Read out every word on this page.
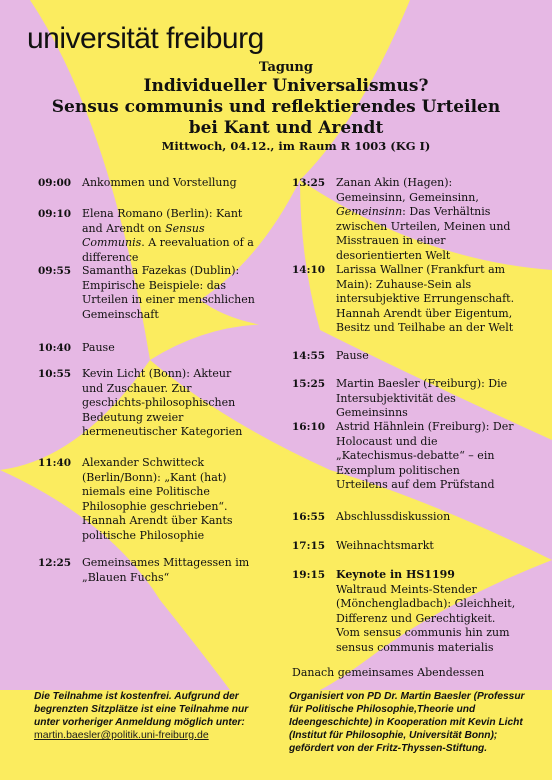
universität freiburg
Tagung
Individueller Universalismus?
Sensus communis und reflektierendes Urteilen
bei Kant und Arendt
Mittwoch, 04.12., im Raum R 1003 (KG I)
09:00 Ankommen und Vorstellung
09:10 Elena Romano (Berlin): Kant and Arendt on Sensus Communis. A reevaluation of a difference
09:55 Samantha Fazekas (Dublin): Empirische Beispiele: das Urteilen in einer menschlichen Gemeinschaft
10:40 Pause
10:55 Kevin Licht (Bonn): Akteur und Zuschauer. Zur geschichts-philosophischen Bedeutung zweier hermeneutischer Kategorien
11:40 Alexander Schwitteck (Berlin/Bonn): „Kant (hat) niemals eine Politische Philosophie geschrieben“. Hannah Arendt über Kants politische Philosophie
12:25 Gemeinsames Mittagessen im „Blauen Fuchs“
13:25 Zanan Akin (Hagen): Gemeinsinn, Gemeinsinn, Gemeinsinn: Das Verhältnis zwischen Urteilen, Meinen und Misstrauen in einer desorientierten Welt
14:10 Larissa Wallner (Frankfurt am Main): Zuhause-Sein als intersubjektive Errungenschaft. Hannah Arendt über Eigentum, Besitz und Teilhabe an der Welt
14:55 Pause
15:25 Martin Baesler (Freiburg): Die Intersubjektivität des Gemeinsinns
16:10 Astrid Hähnlein (Freiburg): Der Holocaust und die „Katechismus-debatte“ – ein Exemplum politischen Urteilens auf dem Prüfstand
16:55 Abschlussdiskussion
17:15 Weihnachtsmarkt
19:15 Keynote in HS1199
Waltraud Meints-Stender (Mönchengladbach): Gleichheit, Differenz und Gerechtigkeit. Vom sensus communis hin zum sensus communis materialis
Danach gemeinsames Abendessen
Die Teilnahme ist kostenfrei. Aufgrund der begrenzten Sitzplätze ist eine Teilnahme nur unter vorheriger Anmeldung möglich unter:
martin.baesler@politik.uni-freiburg.de
Organisiert von PD Dr. Martin Baesler (Professur für Politische Philosophie,Theorie und Ideengeschichte) in Kooperation mit Kevin Licht (Institut für Philosophie, Universität Bonn); gefördert von der Fritz-Thyssen-Stiftung.
